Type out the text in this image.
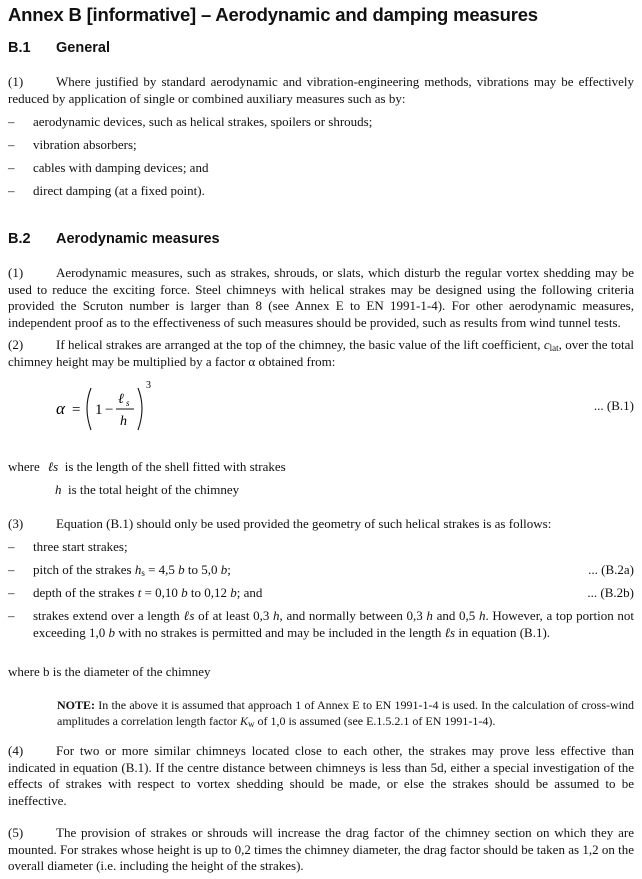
Annex B [informative] – Aerodynamic and damping measures
B.1 General
(1)	Where justified by standard aerodynamic and vibration-engineering methods, vibrations may be effectively reduced by application of single or combined auxiliary measures such as by:
– aerodynamic devices, such as helical strakes, spoilers or shrouds;
– vibration absorbers;
– cables with damping devices; and
– direct damping (at a fixed point).
B.2 Aerodynamic measures
(1)	Aerodynamic measures, such as strakes, shrouds, or slats, which disturb the regular vortex shedding may be used to reduce the exciting force. Steel chimneys with helical strakes may be designed using the following criteria provided the Scruton number is larger than 8 (see Annex E to EN 1991-1-4). For other aerodynamic measures, independent proof as to the effectiveness of such measures should be provided, such as results from wind tunnel tests.
(2)	If helical strakes are arranged at the top of the chimney, the basic value of the lift coefficient, $c_{lat}$, over the total chimney height may be multiplied by a factor α obtained from:
α = 1 −
ℓ s
h
3
... (B.1)
where ℓs is the length of the shell fitted with strakes
h is the total height of the chimney
(3)	Equation (B.1) should only be used provided the geometry of such helical strakes is as follows:
– three start strakes;
– pitch of the strakes $h_s = 4,5$ b to 5,0 b;	... (B.2a)
– depth of the strakes t = 0,10 b to 0,12 b; and	... (B.2b)
– strakes extend over a length ℓs of at least 0,3 h, and normally between 0,3 h and 0,5 h. However, a top portion not exceeding 1,0 b with no strakes is permitted and may be included in the length ℓs in equation (B.1).
where b is the diameter of the chimney
NOTE: In the above it is assumed that approach 1 of Annex E to EN 1991-1-4 is used. In the calculation of cross-wind amplitudes a correlation length factor $K_w$ of 1,0 is assumed (see E.1.5.2.1 of EN 1991-1-4).
(4)	For two or more similar chimneys located close to each other, the strakes may prove less effective than indicated in equation (B.1). If the centre distance between chimneys is less than 5d, either a special investigation of the effects of strakes with respect to vortex shedding should be made, or else the strakes should be assumed to be ineffective.
(5)	The provision of strakes or shrouds will increase the drag factor of the chimney section on which they are mounted. For strakes whose height is up to 0,2 times the chimney diameter, the drag factor should be taken as 1,2 on the overall diameter (i.e. including the height of the strakes).
